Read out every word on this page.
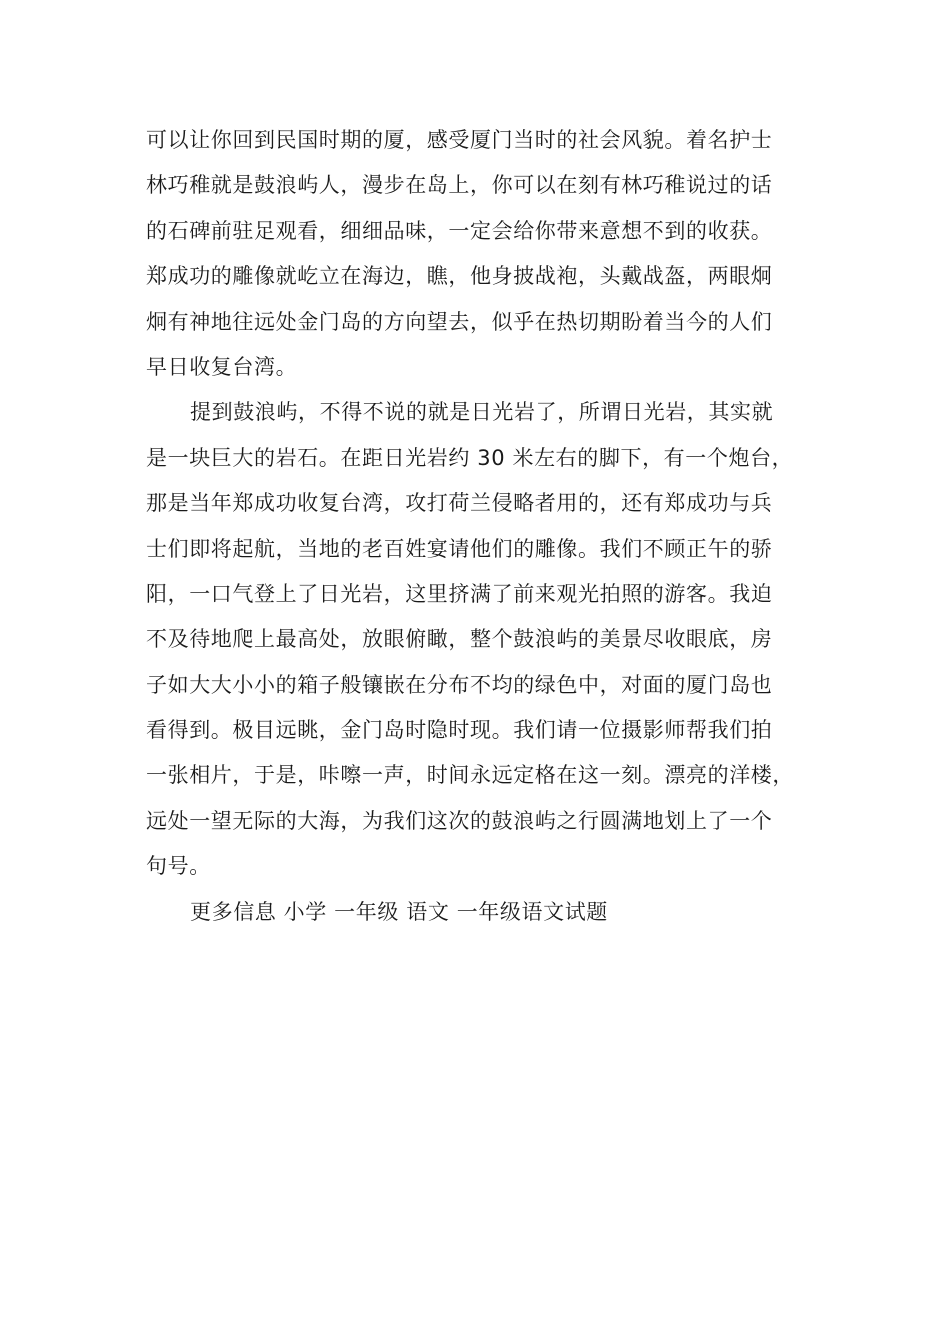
可以让你回到民国时期的厦，感受厦门当时的社会风貌。着名护士
林巧稚就是鼓浪屿人，漫步在岛上，你可以在刻有林巧稚说过的话
的石碑前驻足观看，细细品味，一定会给你带来意想不到的收获。
郑成功的雕像就屹立在海边，瞧，他身披战袍，头戴战盔，两眼炯
炯有神地往远处金门岛的方向望去，似乎在热切期盼着当今的人们
早日收复台湾。
提到鼓浪屿，不得不说的就是日光岩了，所谓日光岩，其实就
是一块巨大的岩石。在距日光岩约 30 米左右的脚下，有一个炮台，
那是当年郑成功收复台湾，攻打荷兰侵略者用的，还有郑成功与兵
士们即将起航，当地的老百姓宴请他们的雕像。我们不顾正午的骄
阳，一口气登上了日光岩，这里挤满了前来观光拍照的游客。我迫
不及待地爬上最高处，放眼俯瞰，整个鼓浪屿的美景尽收眼底，房
子如大大小小的箱子般镶嵌在分布不均的绿色中，对面的厦门岛也
看得到。极目远眺，金门岛时隐时现。我们请一位摄影师帮我们拍
一张相片，于是，咔嚓一声，时间永远定格在这一刻。漂亮的洋楼，
远处一望无际的大海，为我们这次的鼓浪屿之行圆满地划上了一个
句号。
更多信息 小学 一年级 语文 一年级语文试题
